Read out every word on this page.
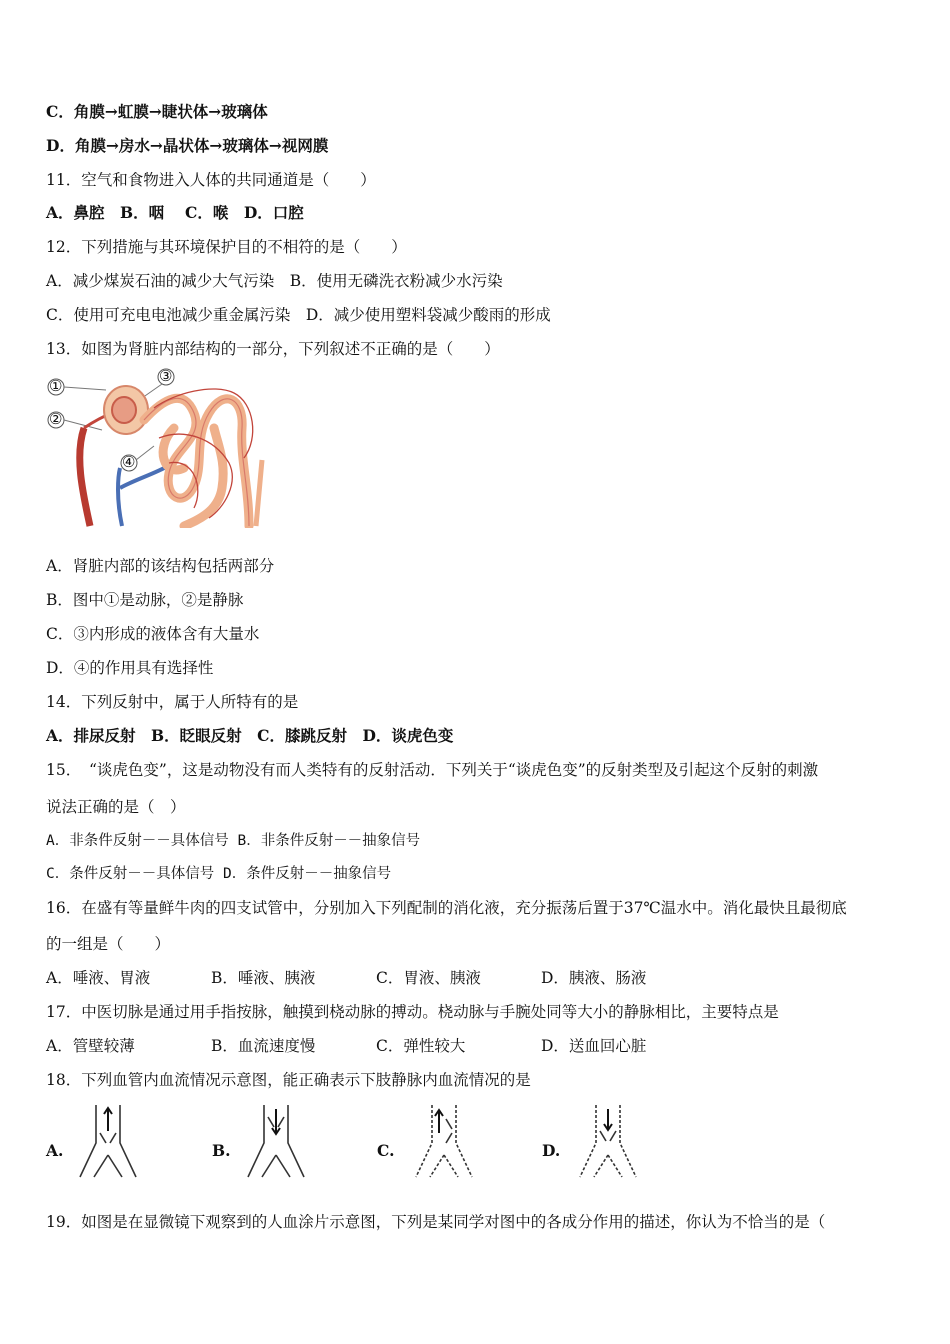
C．角膜→虹膜→睫状体→玻璃体
D．角膜→房水→晶状体→玻璃体→视网膜
11．空气和食物进入人体的共同通道是（　　）
A．鼻腔　B．咽　 C．喉　D．口腔
12．下列措施与其环境保护目的不相符的是（　　）
A．减少煤炭石油的减少大气污染　B．使用无磷洗衣粉减少水污染
C．使用可充电电池减少重金属污染　D．减少使用塑料袋减少酸雨的形成
13．如图为肾脏内部结构的一部分，下列叙述不正确的是（　　）
①
②
③
④
A．肾脏内部的该结构包括两部分
B．图中①是动脉，②是静脉
C．③内形成的液体含有大量水
D．④的作用具有选择性
14．下列反射中，属于人所特有的是
A．排尿反射　B．眨眼反射　C．膝跳反射　D．谈虎色变
15．　“谈虎色变”，这是动物没有而人类特有的反射活动．下列关于“谈虎色变”的反射类型及引起这个反射的刺激
说法正确的是（　）
A．非条件反射－－具体信号 B．非条件反射－－抽象信号
C．条件反射－－具体信号 D．条件反射－－抽象信号
16．在盛有等量鲜牛肉的四支试管中，分别加入下列配制的消化液，充分振荡后置于37℃温水中。消化最快且最彻底
的一组是（　　）
A．唾液、胃液	B．唾液、胰液	C．胃液、胰液	D．胰液、肠液
17．中医切脉是通过用手指按脉，触摸到桡动脉的搏动。桡动脉与手腕处同等大小的静脉相比，主要特点是
A．管壁较薄	B．血流速度慢	C．弹性较大	D．送血回心脏
18．下列血管内血流情况示意图，能正确表示下肢静脉内血流情况的是
A.	B.	C.	D.
19．如图是在显微镜下观察到的人血涂片示意图，下列是某同学对图中的各成分作用的描述，你认为不恰当的是（
